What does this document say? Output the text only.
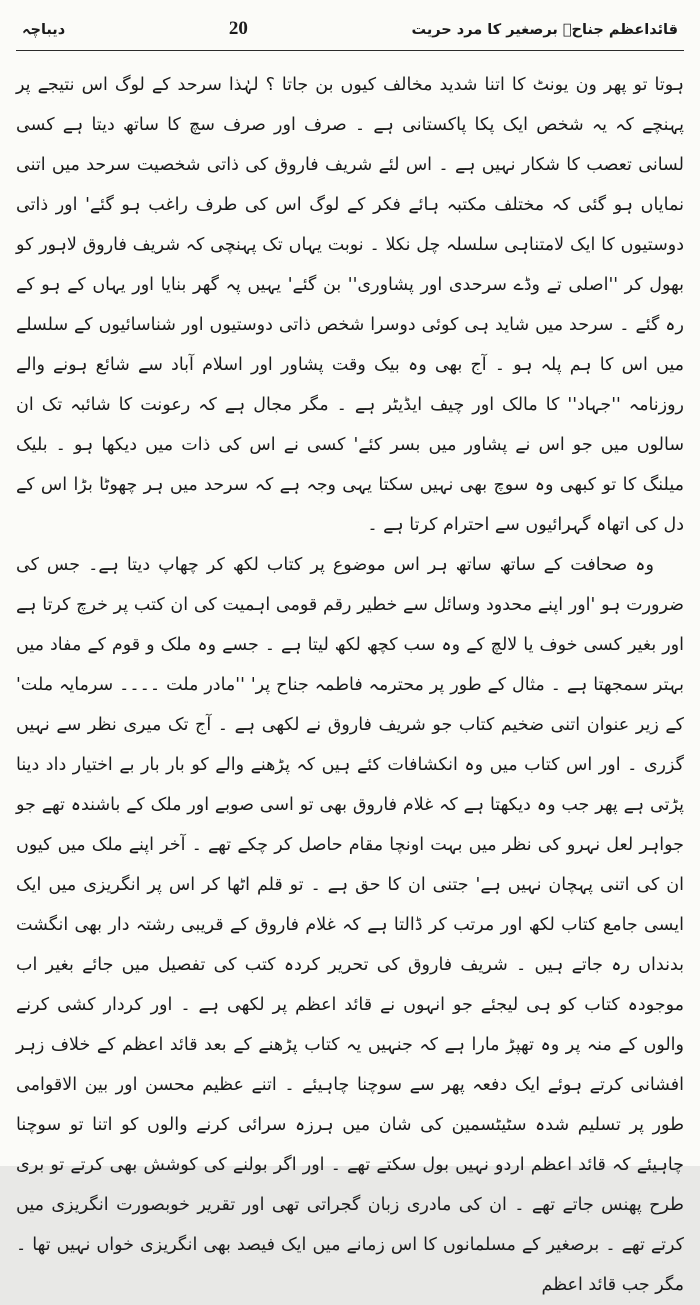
قائداعظم جناحؒ برصغیر کا مرد حریت
20
دیباچہ

ہوتا تو پھر ون یونٹ کا اتنا شدید مخالف کیوں بن جاتا ؟ لہٰذا سرحد کے لوگ اس نتیجے پر پہنچے کہ یہ شخص ایک پکا پاکستانی ہے ۔ صرف اور صرف سچ کا ساتھ دیتا ہے کسی لسانی تعصب کا شکار نہیں ہے ۔ اس لئے شریف فاروق کی ذاتی شخصیت سرحد میں اتنی نمایاں ہو گئی کہ مختلف مکتبہ ہائے فکر کے لوگ اس کی طرف راغب ہو گئے' اور ذاتی دوستیوں کا ایک لامتناہی سلسلہ چل نکلا ۔ نوبت یہاں تک پہنچی کہ شریف فاروق لاہور کو بھول کر ''اصلی تے وڈے سرحدی اور پشاوری'' بن گئے' یہیں پہ گھر بنایا اور یہاں کے ہو کے رہ گئے ۔ سرحد میں شاید ہی کوئی دوسرا شخص ذاتی دوستیوں اور شناسائیوں کے سلسلے میں اس کا ہم پلہ ہو ۔ آج بھی وہ بیک وقت پشاور اور اسلام آباد سے شائع ہونے والے روزنامہ ''جہاد'' کا مالک اور چیف ایڈیٹر ہے ۔ مگر مجال ہے کہ رعونت کا شائبہ تک ان سالوں میں جو اس نے پشاور میں بسر کئے' کسی نے اس کی ذات میں دیکھا ہو ۔ بلیک میلنگ کا تو کبھی وہ سوچ بھی نہیں سکتا یہی وجہ ہے کہ سرحد میں ہر چھوٹا بڑا اس کے دل کی اتھاہ گہرائیوں سے احترام کرتا ہے ۔

وہ صحافت کے ساتھ ساتھ ہر اس موضوع پر کتاب لکھ کر چھاپ دیتا ہے۔ جس کی ضرورت ہو 'اور اپنے محدود وسائل سے خطیر رقم قومی اہمیت کی ان کتب پر خرچ کرتا ہے اور بغیر کسی خوف یا لالچ کے وہ سب کچھ لکھ لیتا ہے ۔ جسے وہ ملک و قوم کے مفاد میں بہتر سمجھتا ہے ۔ مثال کے طور پر محترمہ فاطمہ جناح پر' ''مادر ملت ۔۔۔۔ سرمایہ ملت' کے زیر عنوان اتنی ضخیم کتاب جو شریف فاروق نے لکھی ہے ۔ آج تک میری نظر سے نہیں گزری ۔ اور اس کتاب میں وہ انکشافات کئے ہیں کہ پڑھنے والے کو بار بار بے اختیار داد دینا پڑتی ہے پھر جب وہ دیکھتا ہے کہ غلام فاروق بھی تو اسی صوبے اور ملک کے باشندہ تھے جو جواہر لعل نہرو کی نظر میں بہت اونچا مقام حاصل کر چکے تھے ۔ آخر اپنے ملک میں کیوں ان کی اتنی پہچان نہیں ہے' جتنی ان کا حق ہے ۔ تو قلم اٹھا کر اس پر انگریزی میں ایک ایسی جامع کتاب لکھ اور مرتب کر ڈالتا ہے کہ غلام فاروق کے قریبی رشتہ دار بھی انگشت بدنداں رہ جاتے ہیں ۔ شریف فاروق کی تحریر کردہ کتب کی تفصیل میں جائے بغیر اب موجودہ کتاب کو ہی لیجئے جو انہوں نے قائد اعظم پر لکھی ہے ۔ اور کردار کشی کرنے والوں کے منہ پر وہ تھپڑ مارا ہے کہ جنہیں یہ کتاب پڑھنے کے بعد قائد اعظم کے خلاف زہر افشانی کرتے ہوئے ایک دفعہ پھر سے سوچنا چاہیئے ۔ اتنے عظیم محسن اور بین الاقوامی طور پر تسلیم شدہ سٹیٹسمین کی شان میں ہرزہ سرائی کرنے والوں کو اتنا تو سوچنا چاہیئے کہ قائد اعظم اردو نہیں بول سکتے تھے ۔ اور اگر بولنے کی کوشش بھی کرتے تو بری طرح پھنس جاتے تھے ۔ ان کی مادری زبان گجراتی تھی اور تقریر خوبصورت انگریزی میں کرتے تھے ۔ برصغیر کے مسلمانوں کا اس زمانے میں ایک فیصد بھی انگریزی خواں نہیں تھا ۔ مگر جب قائد اعظم
